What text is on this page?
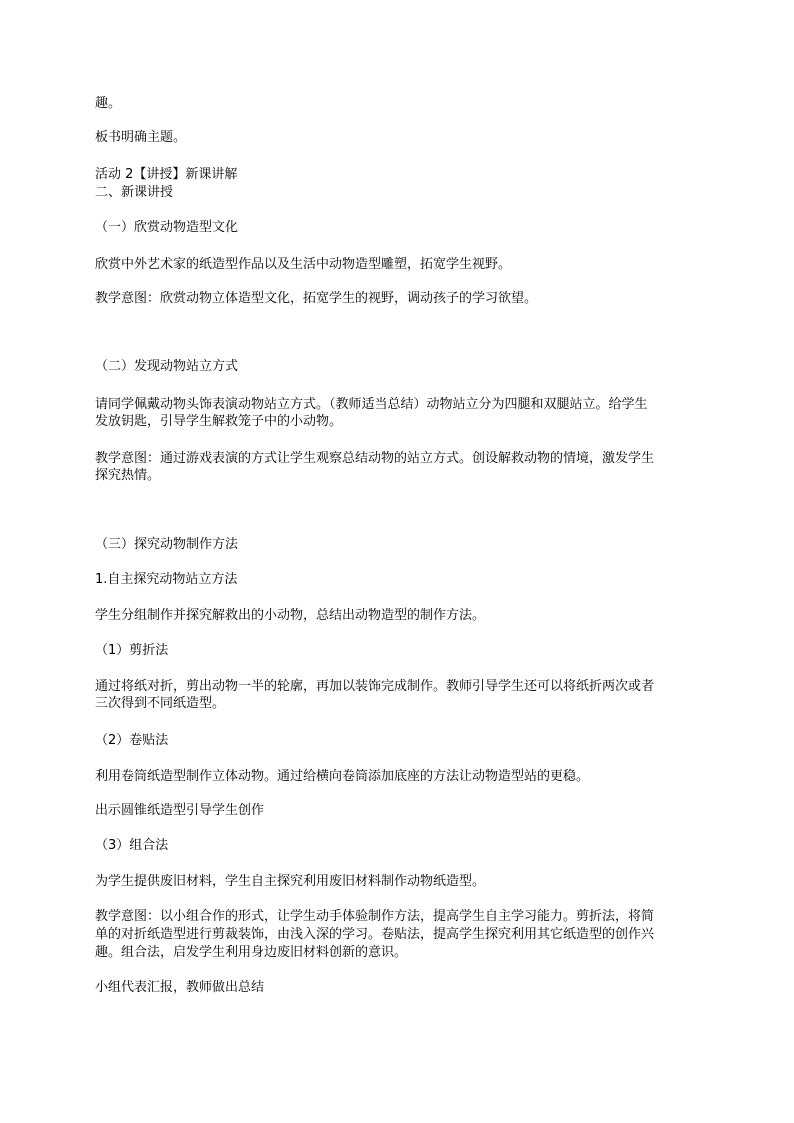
趣。
板书明确主题。
活动 2【讲授】新课讲解
二、新课讲授
（一）欣赏动物造型文化
欣赏中外艺术家的纸造型作品以及生活中动物造型雕塑，拓宽学生视野。
教学意图：欣赏动物立体造型文化，拓宽学生的视野，调动孩子的学习欲望。
（二）发现动物站立方式
请同学佩戴动物头饰表演动物站立方式。（教师适当总结）动物站立分为四腿和双腿站立。给学生
发放钥匙，引导学生解救笼子中的小动物。
教学意图：通过游戏表演的方式让学生观察总结动物的站立方式。创设解救动物的情境，激发学生
探究热情。
（三）探究动物制作方法
1.自主探究动物站立方法
学生分组制作并探究解救出的小动物，总结出动物造型的制作方法。
（1）剪折法
通过将纸对折，剪出动物一半的轮廓，再加以装饰完成制作。教师引导学生还可以将纸折两次或者
三次得到不同纸造型。
（2）卷贴法
利用卷筒纸造型制作立体动物。通过给横向卷筒添加底座的方法让动物造型站的更稳。
出示圆锥纸造型引导学生创作
（3）组合法
为学生提供废旧材料，学生自主探究利用废旧材料制作动物纸造型。
教学意图：以小组合作的形式，让学生动手体验制作方法，提高学生自主学习能力。剪折法，将简
单的对折纸造型进行剪裁装饰，由浅入深的学习。卷贴法，提高学生探究利用其它纸造型的创作兴
趣。组合法，启发学生利用身边废旧材料创新的意识。
小组代表汇报，教师做出总结
